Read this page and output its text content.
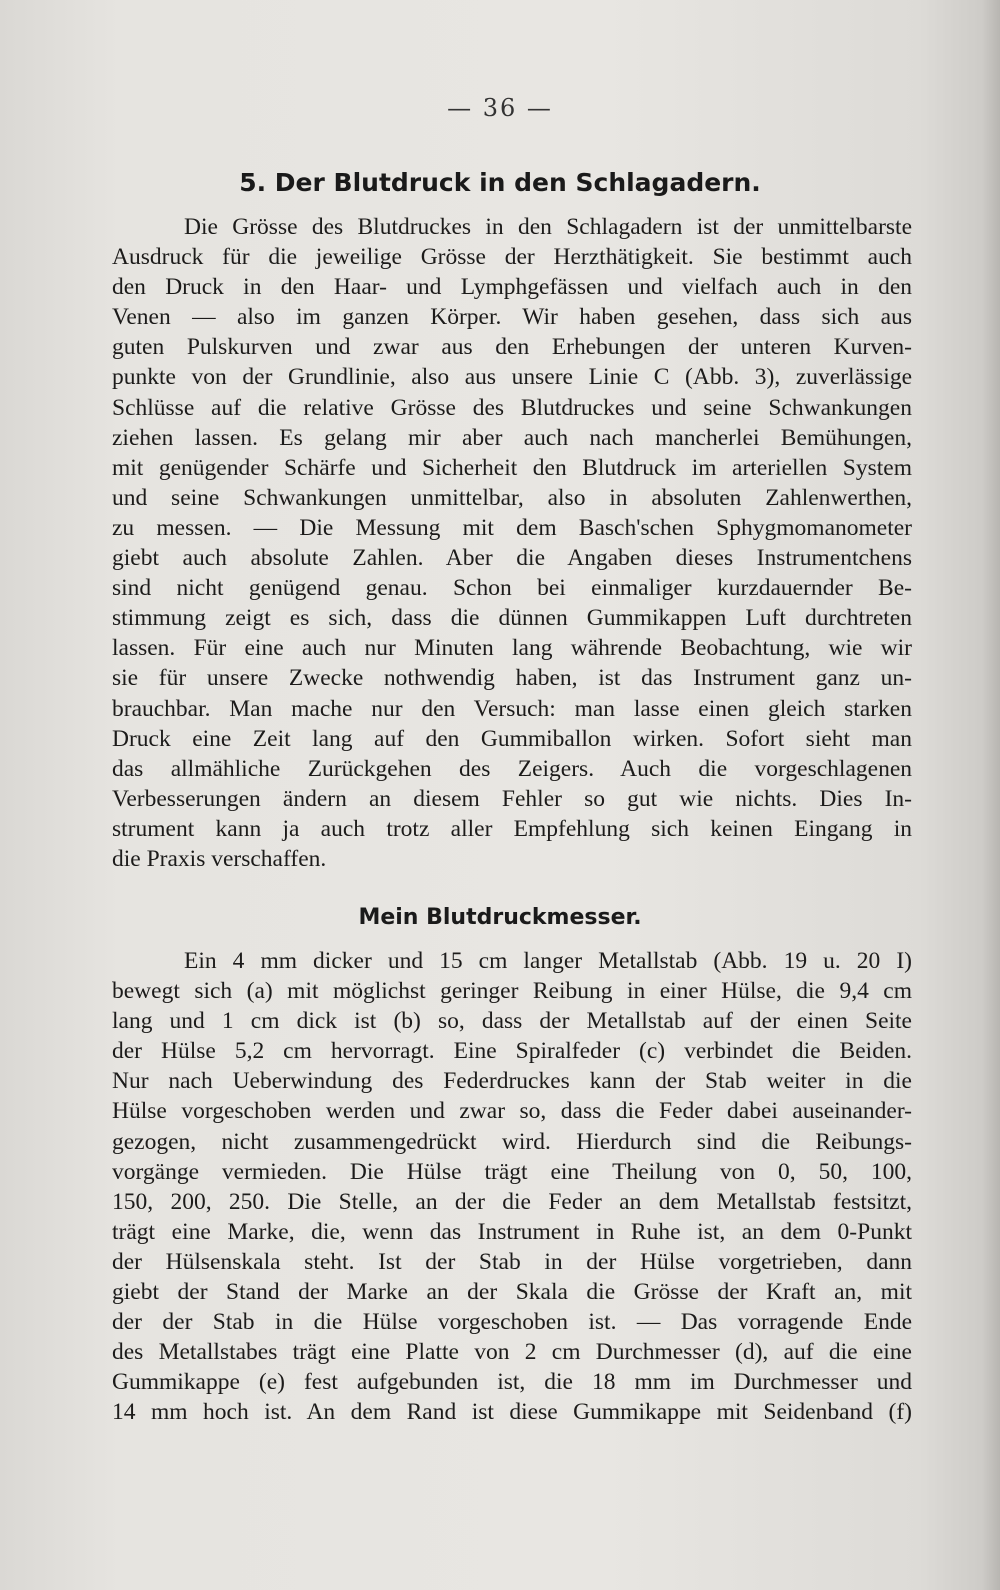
— 36 —

5. Der Blutdruck in den Schlagadern.
Die Grösse des Blutdruckes in den Schlagadern ist der unmittelbarste
Ausdruck für die jeweilige Grösse der Herzthätigkeit. Sie bestimmt auch
den Druck in den Haar- und Lymphgefässen und vielfach auch in den
Venen — also im ganzen Körper. Wir haben gesehen, dass sich aus
guten Pulskurven und zwar aus den Erhebungen der unteren Kurven-
punkte von der Grundlinie, also aus unsere Linie C (Abb. 3), zuverlässige
Schlüsse auf die relative Grösse des Blutdruckes und seine Schwankungen
ziehen lassen. Es gelang mir aber auch nach mancherlei Bemühungen,
mit genügender Schärfe und Sicherheit den Blutdruck im arteriellen System
und seine Schwankungen unmittelbar, also in absoluten Zahlenwerthen,
zu messen. — Die Messung mit dem Basch'schen Sphygmomanometer
giebt auch absolute Zahlen. Aber die Angaben dieses Instrumentchens
sind nicht genügend genau. Schon bei einmaliger kurzdauernder Be-
stimmung zeigt es sich, dass die dünnen Gummikappen Luft durchtreten
lassen. Für eine auch nur Minuten lang währende Beobachtung, wie wir
sie für unsere Zwecke nothwendig haben, ist das Instrument ganz un-
brauchbar. Man mache nur den Versuch: man lasse einen gleich starken
Druck eine Zeit lang auf den Gummiballon wirken. Sofort sieht man
das allmähliche Zurückgehen des Zeigers. Auch die vorgeschlagenen
Verbesserungen ändern an diesem Fehler so gut wie nichts. Dies In-
strument kann ja auch trotz aller Empfehlung sich keinen Eingang in
die Praxis verschaffen.
Mein Blutdruckmesser.
Ein 4 mm dicker und 15 cm langer Metallstab (Abb. 19 u. 20 I)
bewegt sich (a) mit möglichst geringer Reibung in einer Hülse, die 9,4 cm
lang und 1 cm dick ist (b) so, dass der Metallstab auf der einen Seite
der Hülse 5,2 cm hervorragt. Eine Spiralfeder (c) verbindet die Beiden.
Nur nach Ueberwindung des Federdruckes kann der Stab weiter in die
Hülse vorgeschoben werden und zwar so, dass die Feder dabei auseinander-
gezogen, nicht zusammengedrückt wird. Hierdurch sind die Reibungs-
vorgänge vermieden. Die Hülse trägt eine Theilung von 0, 50, 100,
150, 200, 250. Die Stelle, an der die Feder an dem Metallstab festsitzt,
trägt eine Marke, die, wenn das Instrument in Ruhe ist, an dem 0-Punkt
der Hülsenskala steht. Ist der Stab in der Hülse vorgetrieben, dann
giebt der Stand der Marke an der Skala die Grösse der Kraft an, mit
der der Stab in die Hülse vorgeschoben ist. — Das vorragende Ende
des Metallstabes trägt eine Platte von 2 cm Durchmesser (d), auf die eine
Gummikappe (e) fest aufgebunden ist, die 18 mm im Durchmesser und
14 mm hoch ist. An dem Rand ist diese Gummikappe mit Seidenband (f)
